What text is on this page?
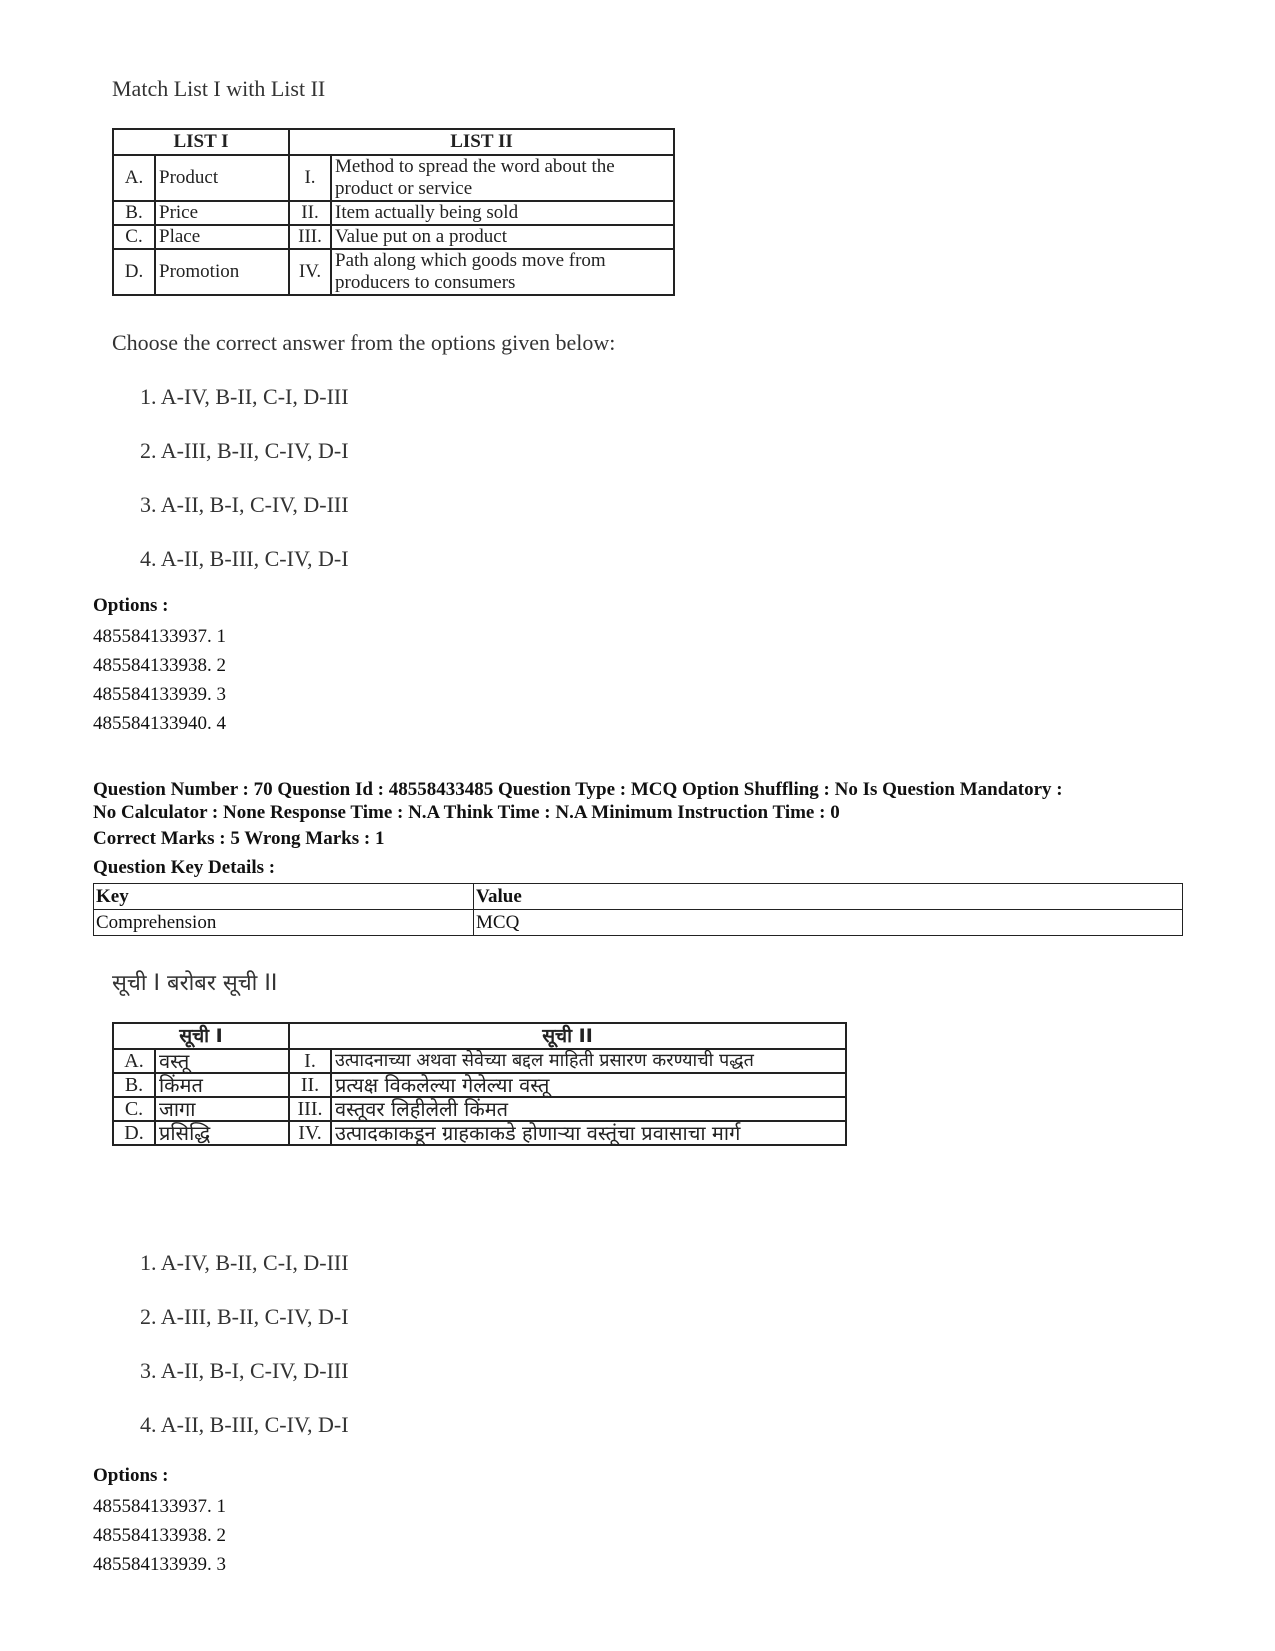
Match List I with List II
LIST I		LIST II	
A.	Product	I.	Method to spread the word about the product or service
B.	Price	II.	Item actually being sold
C.	Place	III.	Value put on a product
D.	Promotion	IV.	Path along which goods move from producers to consumers
Choose the correct answer from the options given below:
1. A-IV, B-II, C-I, D-III
2. A-III, B-II, C-IV, D-I
3. A-II, B-I, C-IV, D-III
4. A-II, B-III, C-IV, D-I
Options :
485584133937. 1
485584133938. 2
485584133939. 3
485584133940. 4
Question Number : 70 Question Id : 48558433485 Question Type : MCQ Option Shuffling : No Is Question Mandatory :
No Calculator : None Response Time : N.A Think Time : N.A Minimum Instruction Time : 0
Correct Marks : 5 Wrong Marks : 1
Question Key Details :
Key	Value
Comprehension	MCQ
सूची I बरोबर सूची II
सूची I		सूची II	
A.	वस्तू	I.	उत्पादनाच्या अथवा सेवेच्या बद्दल माहिती प्रसारण करण्याची पद्धत
B.	किंमत	II.	प्रत्यक्ष विकलेल्या गेलेल्या वस्तू
C.	जागा	III.	वस्तूवर लिहीलेली किंमत
D.	प्रसिद्धि	IV.	उत्पादकाकडून ग्राहकाकडे होणाऱ्या वस्तूंचा प्रवासाचा मार्ग
1. A-IV, B-II, C-I, D-III
2. A-III, B-II, C-IV, D-I
3. A-II, B-I, C-IV, D-III
4. A-II, B-III, C-IV, D-I
Options :
485584133937. 1
485584133938. 2
485584133939. 3
